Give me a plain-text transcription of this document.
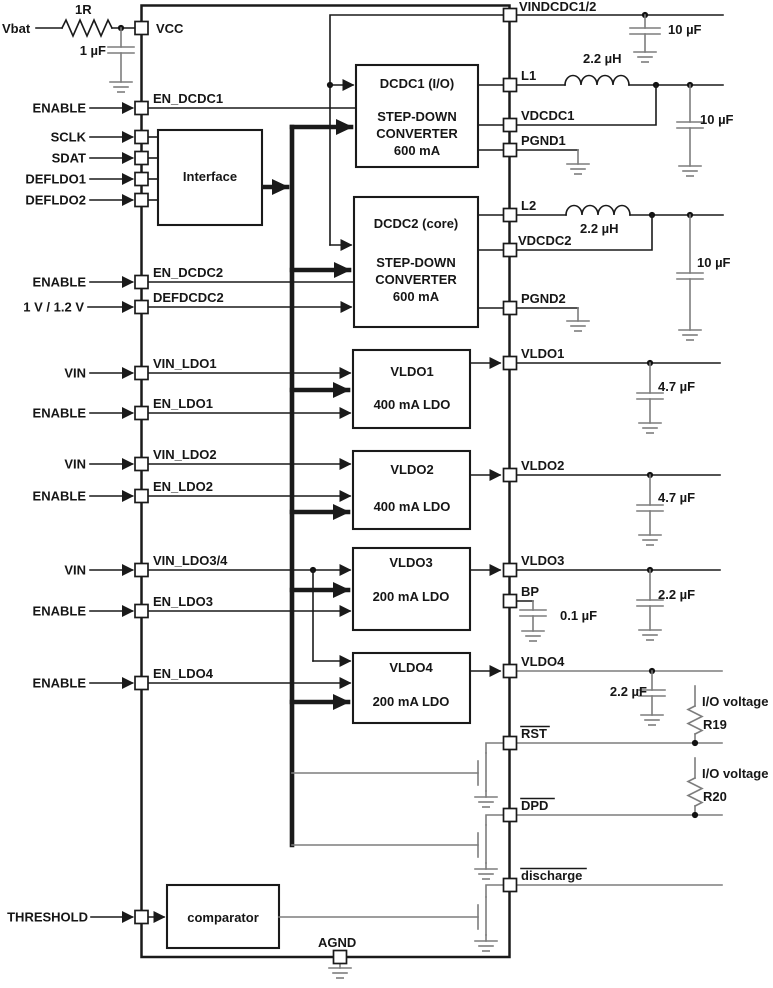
Vbat
1R
1 µF
ENABLE
SCLK
SDAT
DEFLDO1
DEFLDO2
ENABLE
1 V / 1.2 V
VIN
ENABLE
VIN
ENABLE
VIN
ENABLE
ENABLE
THRESHOLD
Interface
DCDC1 (I/O)
STEP-DOWN
CONVERTER
600 mA
DCDC2 (core)
STEP-DOWN
CONVERTER
600 mA
VLDO1
400 mA LDO
VLDO2
400 mA LDO
VLDO3
200 mA LDO
VLDO4
200 mA LDO
comparator
VCC
EN_DCDC1
EN_DCDC2
DEFDCDC2
VIN_LDO1
EN_LDO1
VIN_LDO2
EN_LDO2
VIN_LDO3/4
EN_LDO3
EN_LDO4
VINDCDC1/2
L1
VDCDC1
PGND1
L2
VDCDC2
PGND2
VLDO1
VLDO2
VLDO3
BP
VLDO4
RST
DPD
discharge
AGND
10 µF
2.2 µH
10 µF
2.2 µH
10 µF
4.7 µF
4.7 µF
2.2 µF
0.1 µF
2.2 µF
I/O voltage
R19
I/O voltage
R20
